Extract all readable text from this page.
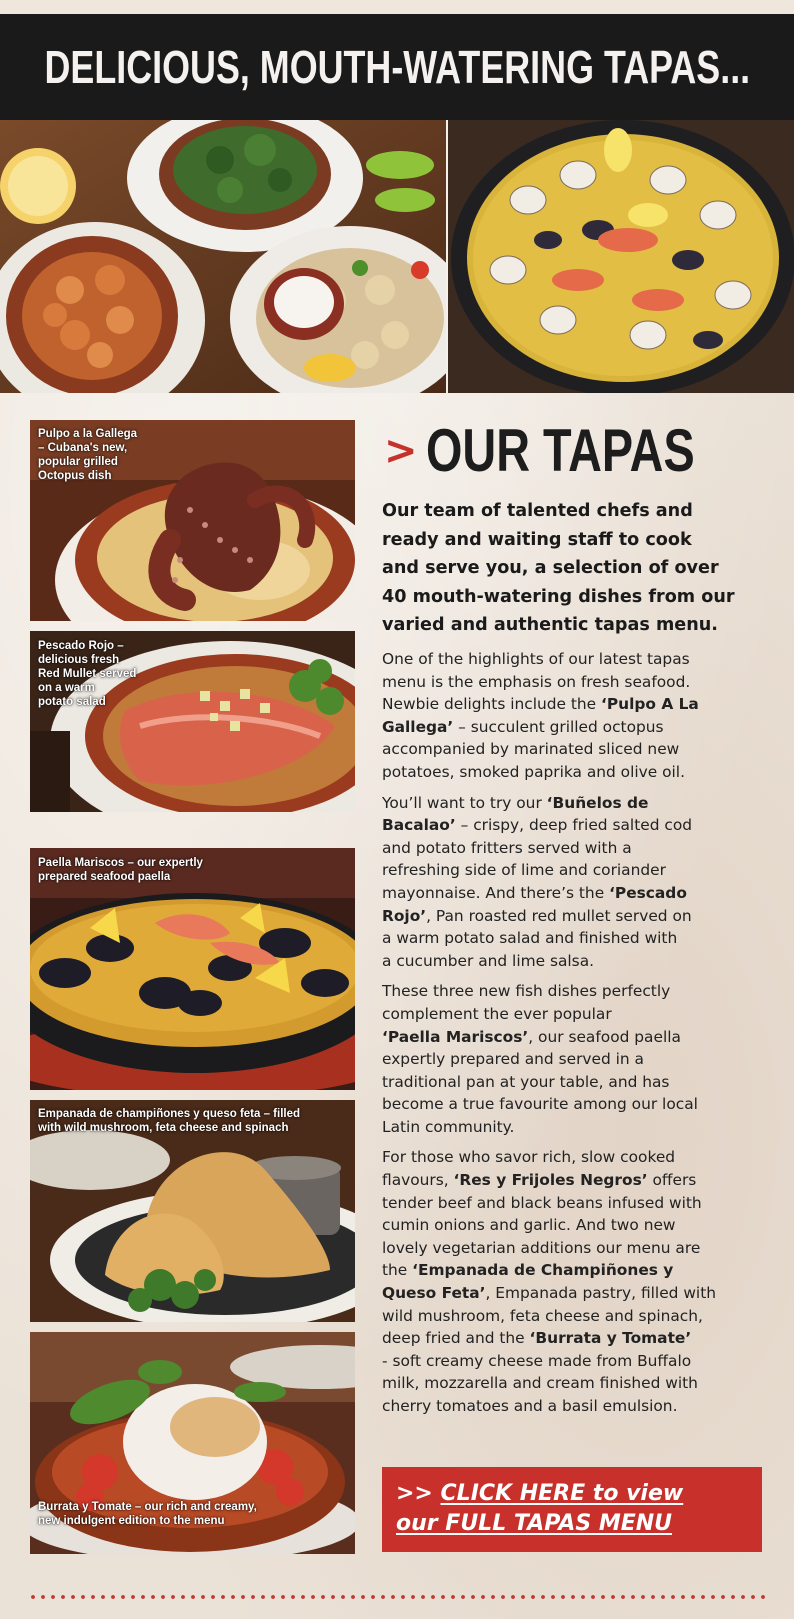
DELICIOUS, MOUTH-WATERING TAPAS...
Pulpo a la Gallega
– Cubana's new,
popular grilled
Octopus dish
Pescado Rojo –
delicious fresh
Red Mullet served
on a warm
potato salad
Paella Mariscos – our expertly
prepared seafood paella
Empanada de champiñones y queso feta – filled
with wild mushroom, feta cheese and spinach
Burrata y Tomate – our rich and creamy,
new indulgent edition to the menu
> OUR TAPAS
Our team of talented chefs and
ready and waiting staff to cook
and serve you, a selection of over
40 mouth-watering dishes from our
varied and authentic tapas menu.

One of the highlights of our latest tapas
menu is the emphasis on fresh seafood.
Newbie delights include the ‘Pulpo A La
Gallega’ – succulent grilled octopus
accompanied by marinated sliced new
potatoes, smoked paprika and olive oil.

You’ll want to try our ‘Buñelos de
Bacalao’ – crispy, deep fried salted cod
and potato fritters served with a
refreshing side of lime and coriander
mayonnaise. And there’s the ‘Pescado
Rojo’, Pan roasted red mullet served on
a warm potato salad and finished with
a cucumber and lime salsa.

These three new fish dishes perfectly
complement the ever popular
‘Paella Mariscos’, our seafood paella
expertly prepared and served in a
traditional pan at your table, and has
become a true favourite among our local
Latin community.

For those who savor rich, slow cooked
flavours, ‘Res y Frijoles Negros’ offers
tender beef and black beans infused with
cumin onions and garlic. And two new
lovely vegetarian additions our menu are
the ‘Empanada de Champiñones y
Queso Feta’, Empanada pastry, filled with
wild mushroom, feta cheese and spinach,
deep fried and the ‘Burrata y Tomate’
- soft creamy cheese made from Buffalo
milk, mozzarella and cream finished with
cherry tomatoes and a basil emulsion.

>> CLICK HERE to view
our FULL TAPAS MENU
